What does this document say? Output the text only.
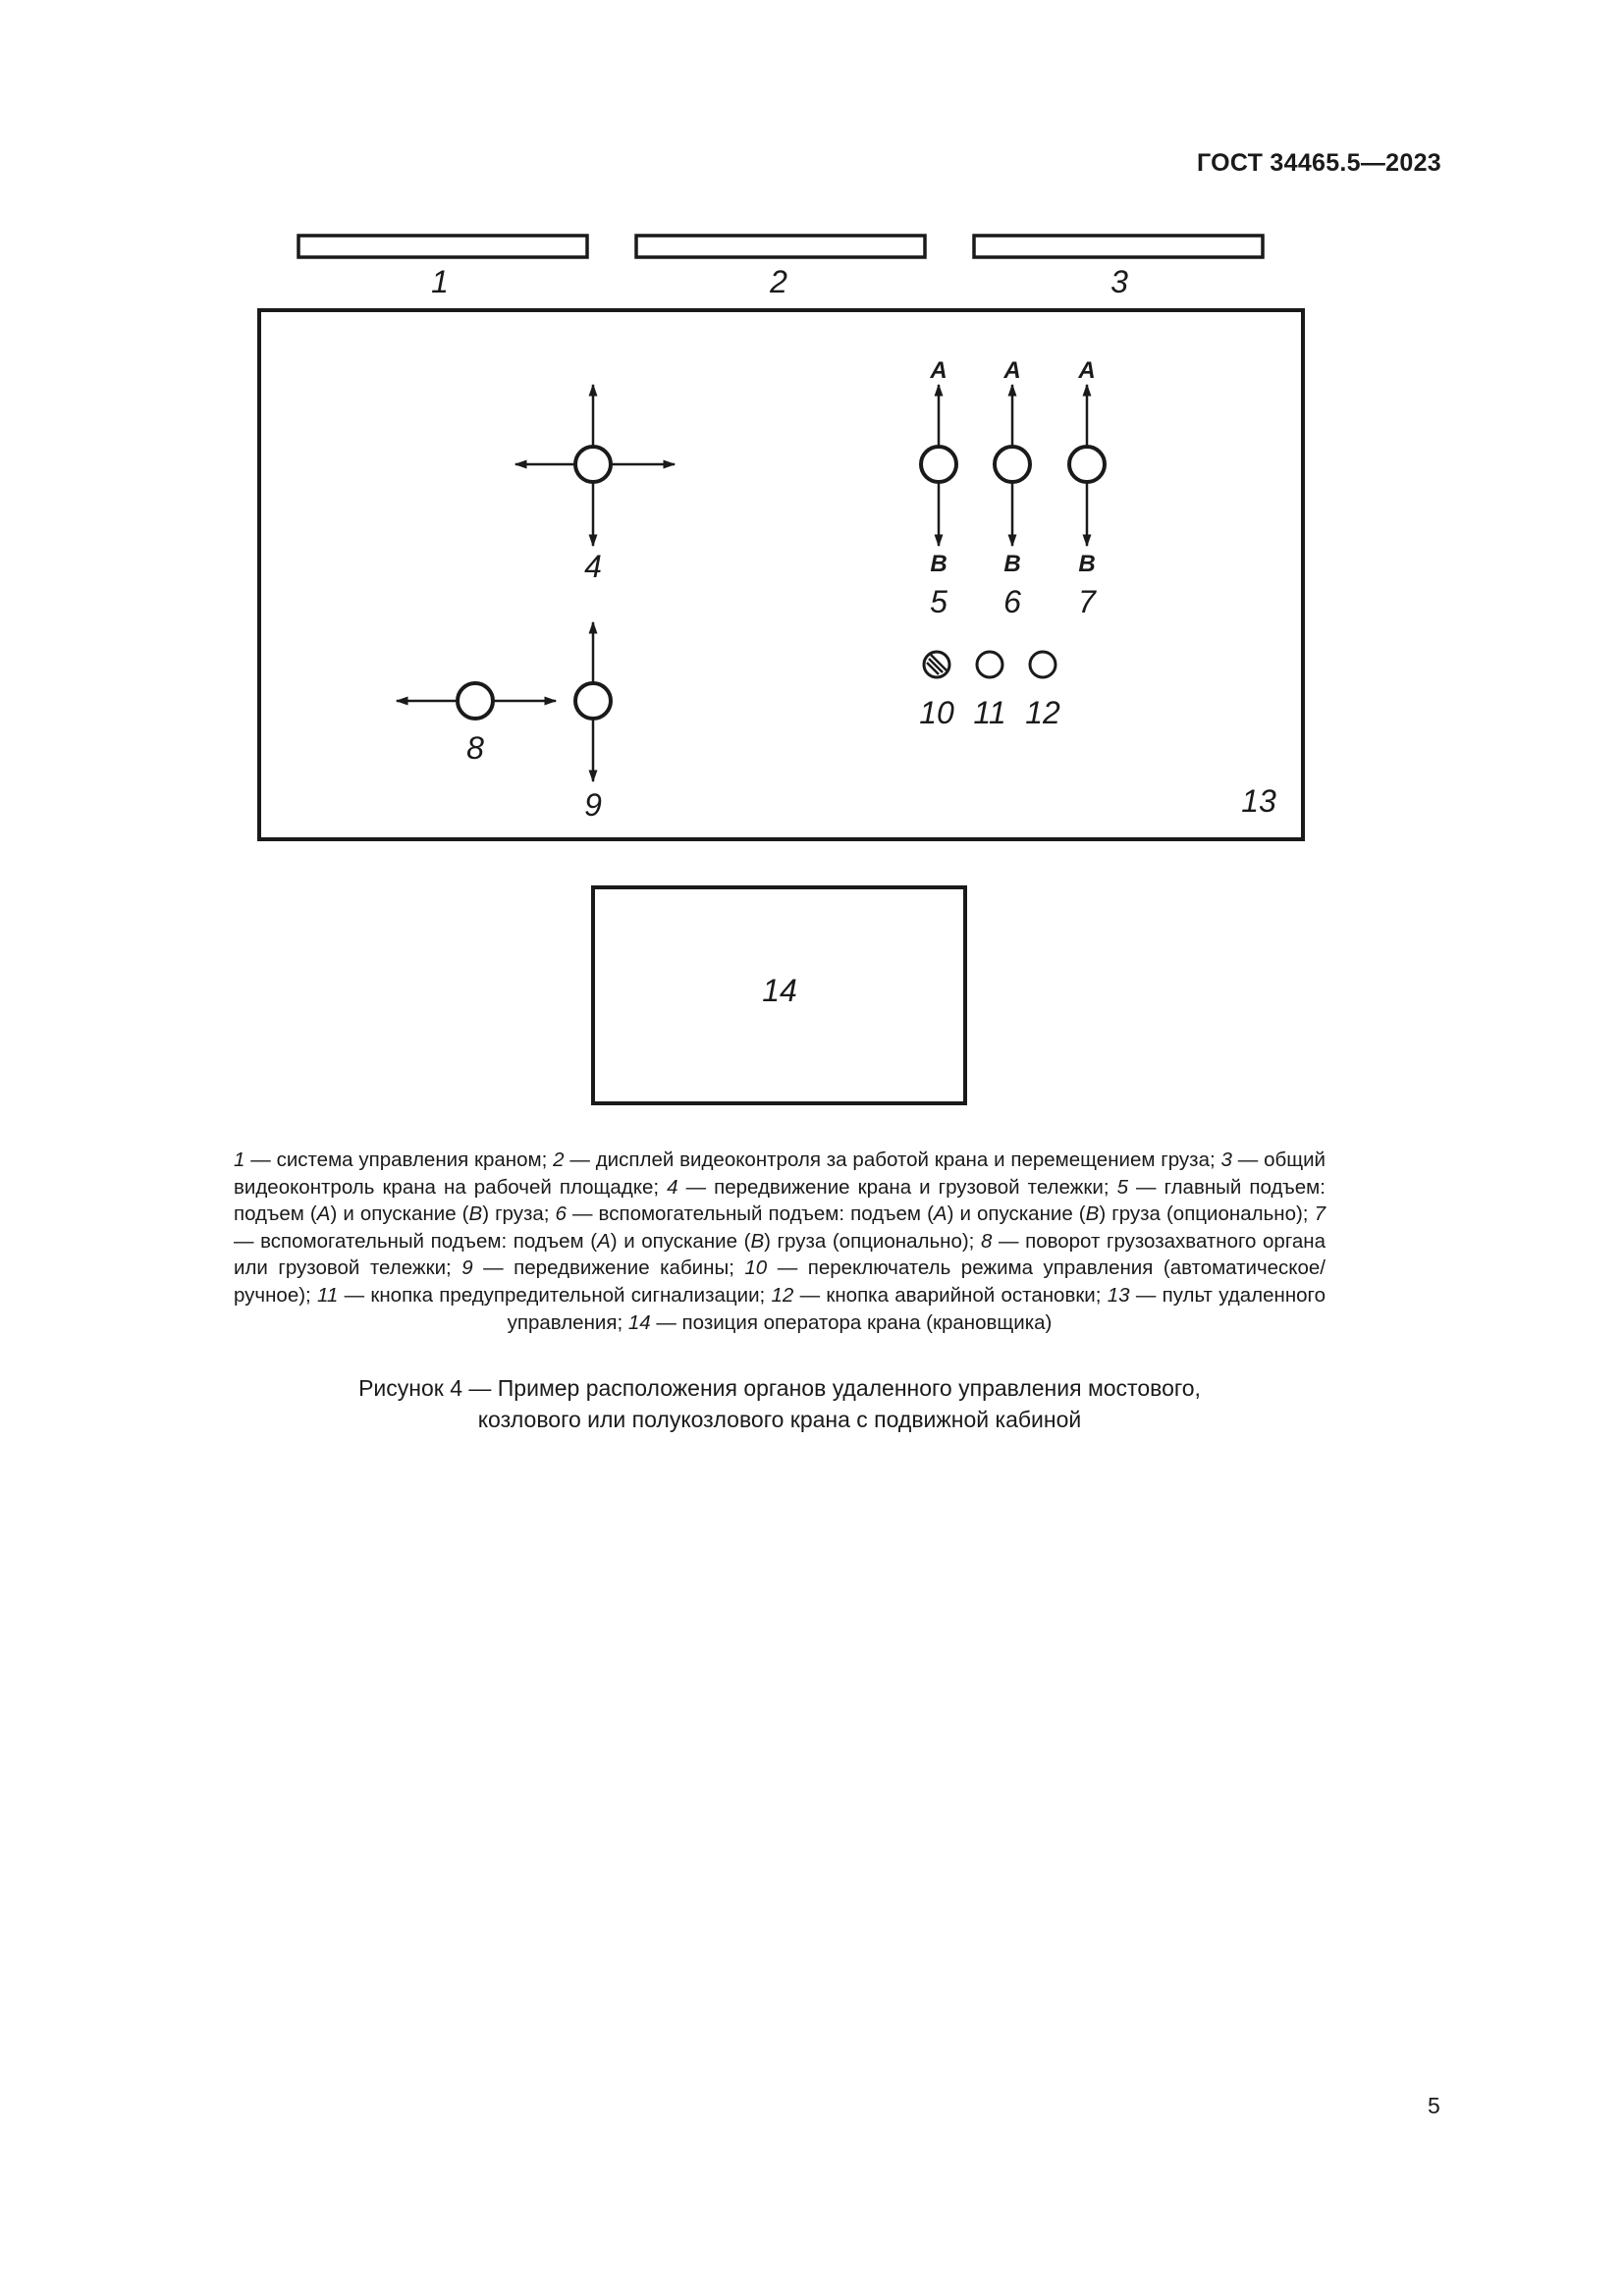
ГОСТ 34465.5—2023
1	2	3
4
A A A
B B B
5 6 7
10 11 12
8
9	13
14
1 — система управления краном; 2 — дисплей видеоконтроля за работой крана и перемещением груза; 3 — общий видеоконтроль крана на рабочей площадке; 4 — передвижение крана и грузовой тележки; 5 — главный подъем: подъем (A) и опускание (B) груза; 6 — вспомогательный подъем: подъем (A) и опускание (B) груза (опционально); 7 — вспомогательный подъем: подъем (A) и опускание (B) груза (опционально); 8 — поворот грузозахватного органа или грузовой тележки; 9 — передвижение кабины; 10 — переключатель режима управления (автоматическое/ручное); 11 — кнопка предупредительной сигнализации; 12 — кнопка аварийной остановки; 13 — пульт удаленного управления; 14 — позиция оператора крана (крановщика)
Рисунок 4 — Пример расположения органов удаленного управления мостового,
козлового или полукозлового крана с подвижной кабиной
5
